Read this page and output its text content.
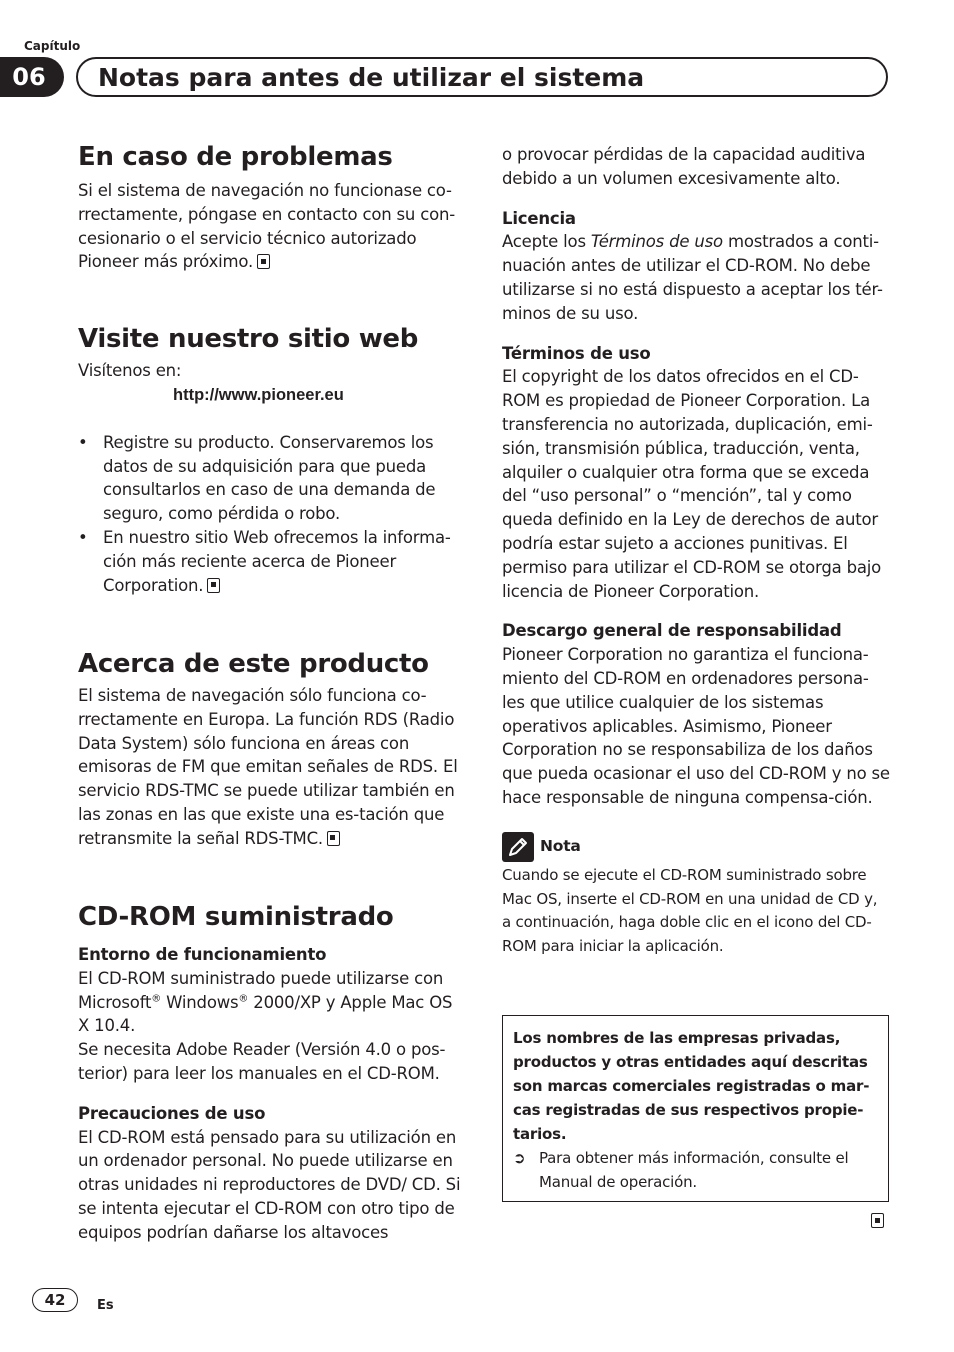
Capítulo
06	Notas para antes de utilizar el sistema
En caso de problemas

Si el sistema de navegación no funcionase co-rrectamente, póngase en contacto con su con-cesionario o el servicio técnico autorizado Pioneer más próximo.

Visite nuestro sitio web

Visítenos en:

http://www.pioneer.eu
• Registre su producto. Conservaremos los datos de su adquisición para que pueda consultarlos en caso de una demanda de seguro, como pérdida o robo.
• En nuestro sitio Web ofrecemos la informa-ción más reciente acerca de Pioneer Corporation.
Acerca de este producto

El sistema de navegación sólo funciona co-rrectamente en Europa. La función RDS (Radio Data System) sólo funciona en áreas con emisoras de FM que emitan señales de RDS. El servicio RDS-TMC se puede utilizar también en las zonas en las que existe una es-tación que retransmite la señal RDS-TMC.

CD-ROM suministrado
Entorno de funcionamiento

El CD-ROM suministrado puede utilizarse con Microsoft® Windows® 2000/XP y Apple Mac OS X 10.4.

Se necesita Adobe Reader (Versión 4.0 o pos-terior) para leer los manuales en el CD-ROM.

Precauciones de uso

El CD-ROM está pensado para su utilización en un ordenador personal. No puede utilizarse en otras unidades ni reproductores de DVD/ CD. Si se intenta ejecutar el CD-ROM con otro tipo de equipos podrían dañarse los altavoces

o provocar pérdidas de la capacidad auditiva debido a un volumen excesivamente alto.

Licencia

Acepte los Términos de uso mostrados a conti-nuación antes de utilizar el CD-ROM. No debe utilizarse si no está dispuesto a aceptar los tér-minos de su uso.

Términos de uso

El copyright de los datos ofrecidos en el CD-ROM es propiedad de Pioneer Corporation. La transferencia no autorizada, duplicación, emi-sión, transmisión pública, traducción, venta, alquiler o cualquier otra forma que se exceda del “uso personal” o “mención”, tal y como queda definido en la Ley de derechos de autor podría estar sujeto a acciones punitivas. El permiso para utilizar el CD-ROM se otorga bajo licencia de Pioneer Corporation.

Descargo general de responsabilidad

Pioneer Corporation no garantiza el funciona-miento del CD-ROM en ordenadores persona-les que utilice cualquier de los sistemas operativos aplicables. Asimismo, Pioneer Corporation no se responsabiliza de los daños que pueda ocasionar el uso del CD-ROM y no se hace responsable de ninguna compensa-ción.

Nota

Cuando se ejecute el CD-ROM suministrado sobre Mac OS, inserte el CD-ROM en una unidad de CD y, a continuación, haga doble clic en el icono del CD-ROM para iniciar la aplicación.

Los nombres de las empresas privadas, productos y otras entidades aquí descritas son marcas comerciales registradas o mar-cas registradas de sus respectivos propie-tarios.
➲ Para obtener más información, consulte el Manual de operación.
42	Es
